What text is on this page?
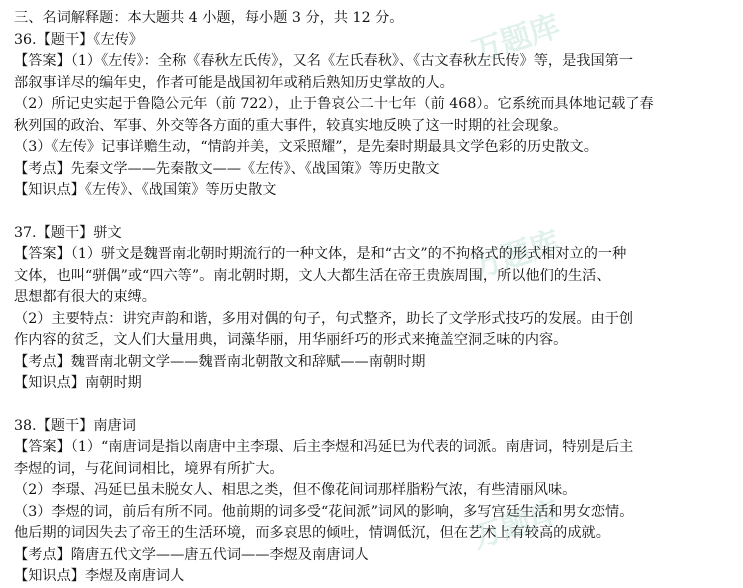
万题库
万题库
万题库
三、名词解释题：本大题共 4 小题，每小题 3 分，共 12 分。
36.【题干】《左传》
【答案】（1）《左传》：全称《春秋左氏传》，又名《左氏春秋》、《古文春秋左氏传》等，是我国第一
部叙事详尽的编年史，作者可能是战国初年或稍后熟知历史掌故的人。
（2）所记史实起于鲁隐公元年（前 722），止于鲁哀公二十七年（前 468）。它系统而具体地记载了春
秋列国的政治、军事、外交等各方面的重大事件，较真实地反映了这一时期的社会现象。
（3）《左传》记事详赡生动，“情韵并美，文采照耀”，是先秦时期最具文学色彩的历史散文。
【考点】先秦文学——先秦散文——《左传》、《战国策》等历史散文
【知识点】《左传》、《战国策》等历史散文
37.【题干】骈文
【答案】（1）骈文是魏晋南北朝时期流行的一种文体，是和“古文”的不拘格式的形式相对立的一种
文体，也叫“骈偶”或“四六等”。南北朝时期，文人大都生活在帝王贵族周围，所以他们的生活、
思想都有很大的束缚。
（2）主要特点：讲究声韵和谐，多用对偶的句子，句式整齐，助长了文学形式技巧的发展。由于创
作内容的贫乏，文人们大量用典，词藻华丽，用华丽纤巧的形式来掩盖空洞乏味的内容。
【考点】魏晋南北朝文学——魏晋南北朝散文和辞赋——南朝时期
【知识点】南朝时期
38.【题干】南唐词
【答案】（1）“南唐词是指以南唐中主李璟、后主李煜和冯延巳为代表的词派。南唐词，特别是后主
李煜的词，与花间词相比，境界有所扩大。
（2）李璟、冯延巳虽未脱女人、相思之类，但不像花间词那样脂粉气浓，有些清丽风味。
（3）李煜的词，前后有所不同。他前期的词多受“花间派”词风的影响，多写宫廷生活和男女恋情。
他后期的词因失去了帝王的生活环境，而多哀思的倾吐，情调低沉，但在艺术上有较高的成就。
【考点】隋唐五代文学——唐五代词——李煜及南唐词人
【知识点】李煜及南唐词人
